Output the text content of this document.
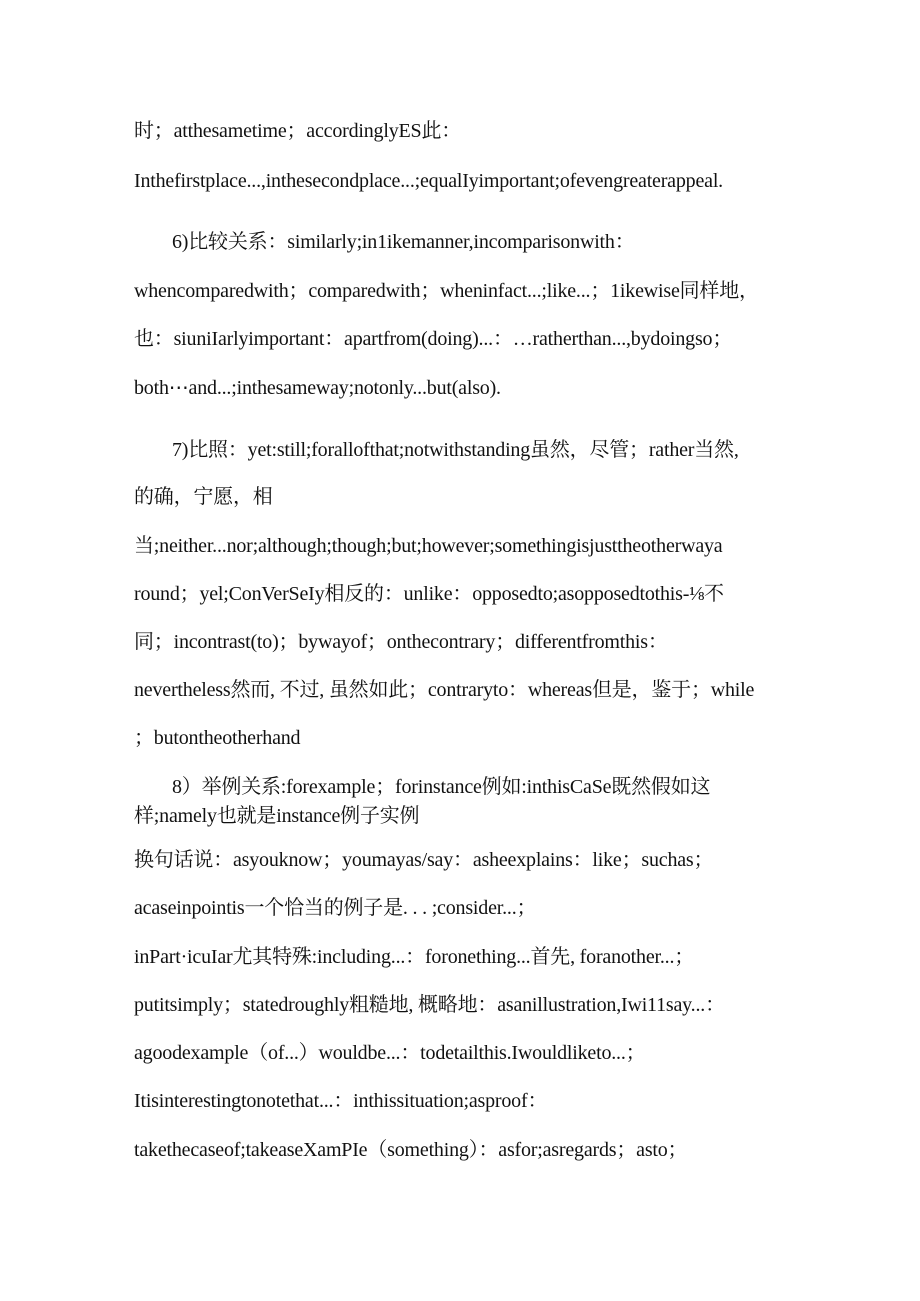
时；atthesametime；accordinglyES此：
Inthefirstplace...,inthesecondplace...;equalIyimportant;ofevengreaterappeal.
6)比较关系：similarly;in1ikemanner,incomparisonwith：
whencomparedwith；comparedwith；wheninfact...;like...；1ikewise同样地，
也：siuniIarlyimportant：apartfrom(doing)...：…ratherthan...,bydoingso；
both⋯and...;inthesameway;notonly...but(also).
7)比照：yet:still;forallofthat;notwithstanding虽然，尽管；rather当然,
的确，宁愿，相
当;neither...nor;although;though;but;however;somethingisjusttheotherwaya
round；yel;ConVerSeIy相反的：unlike：opposedto;asopposedtothis-⅛不
同；incontrast(to)；bywayof；onthecontrary；differentfromthis：
nevertheless然而, 不过, 虽然如此；contraryto：whereas但是，鉴于；while
；butontheotherhand
8）举例关系:forexample；forinstance例如:inthisCaSe既然假如这
样;namely也就是instance例子实例
换句话说：asyouknow；youmayas/say：asheexplains：like；suchas；
acaseinpointis一个恰当的例子是. . . ;consider...；
inPart·icuIar尤其特殊:including...：foronething...首先, foranother...；
putitsimply；statedroughly粗糙地, 概略地：asanillustration,Iwi11say...：
agoodexample（of...）wouldbe...：todetailthis.Iwouldliketo...；
Itisinterestingtonotethat...：inthissituation;asproof：
takethecaseof;takeaseXamPIe（something）：asfor;asregards；asto；
